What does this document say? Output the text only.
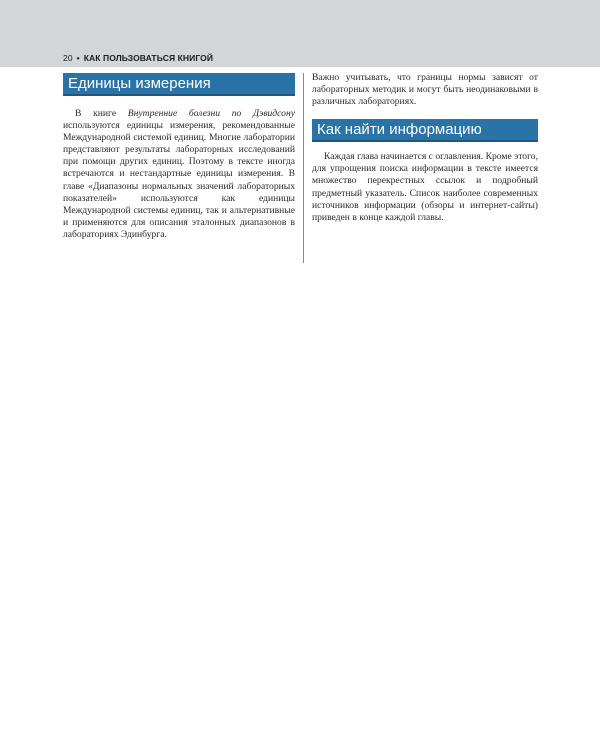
20 • КАК ПОЛЬЗОВАТЬСЯ КНИГОЙ
Единицы измерения

В книге Внутренние болезни по Дэвидсону используются единицы измерения, рекомендованные Международной системой единиц. Многие лаборатории представляют результаты лабораторных исследований при помощи других единиц. Поэтому в тексте иногда встречаются и нестандартные единицы измерения. В главе «Диапазоны нормальных значений лабораторных показателей» используются как единицы Международной системы единиц, так и альтернативные и применяются для описания эталонных диапазонов в лабораториях Эдинбурга.

Важно учитывать, что границы нормы зависят от лабораторных методик и могут быть неодинаковыми в различных лабораториях.

Как найти информацию

Каждая глава начинается с оглавления. Кроме этого, для упрощения поиска информации в тексте имеется множество перекрестных ссылок и подробный предметный указатель. Список наиболее современных источников информации (обзоры и интернет-сайты) приведен в конце каждой главы.
